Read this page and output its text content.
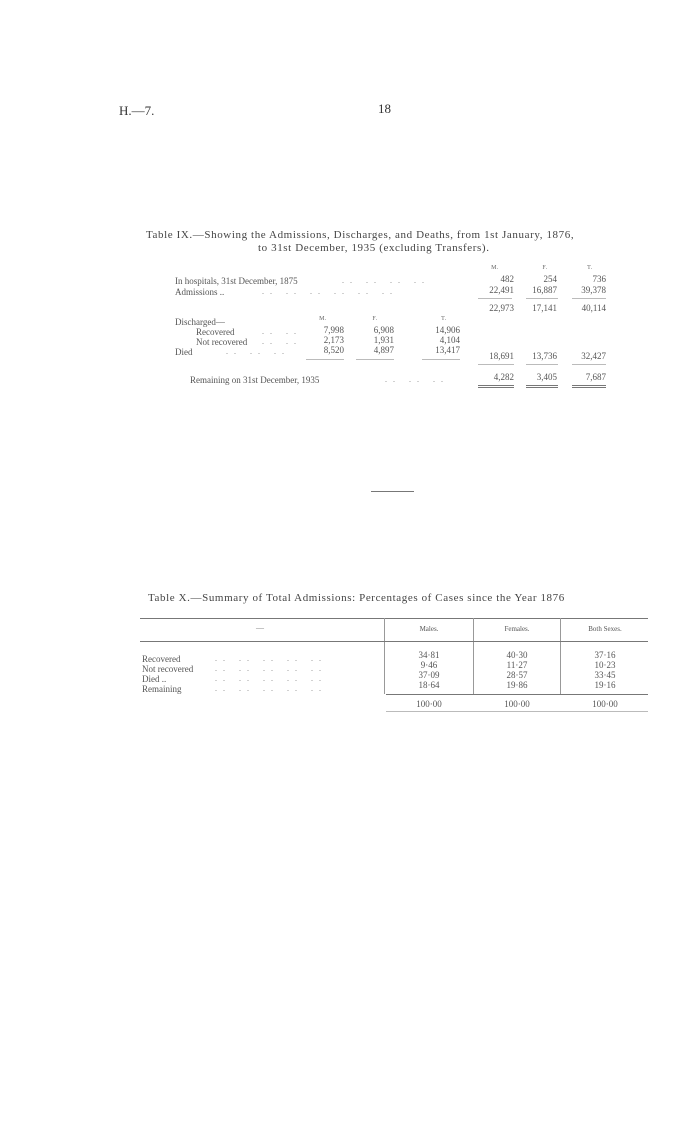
H.—7.	18
Table IX.—Showing the Admissions, Discharges, and Deaths, from 1st January, 1876,
to 31st December, 1935 (excluding Transfers).
M.	F.	T.
In hospitals, 31st December, 1875	.. .. .. ..	482	254	736
Admissions ..	.. .. .. .. .. ..	22,491	16,887	39,378
22,973	17,141	40,114
Discharged—	M.	F.	T.
Recovered	.. ..	7,998	6,908	14,906
Not recovered .. ..	2,173	1,931	4,104
Died	.. .. ..	8,520	4,897	13,417
18,691	13,736	32,427
Remaining on 31st December, 1935	.. .. ..	4,282	3,405	7,687
Table X.—Summary of Total Admissions: Percentages of Cases since the Year 1876
—	Males.	Females.	Both Sexes.
Recovered	.. .. .. .. ..	34·81	40·30	37·16
Not recovered	.. .. .. .. ..	9·46	11·27	10·23
Died ..	.. .. .. .. ..	37·09	28·57	33·45
Remaining	.. .. .. .. ..	18·64	19·86	19·16
100·00	100·00	100·00
